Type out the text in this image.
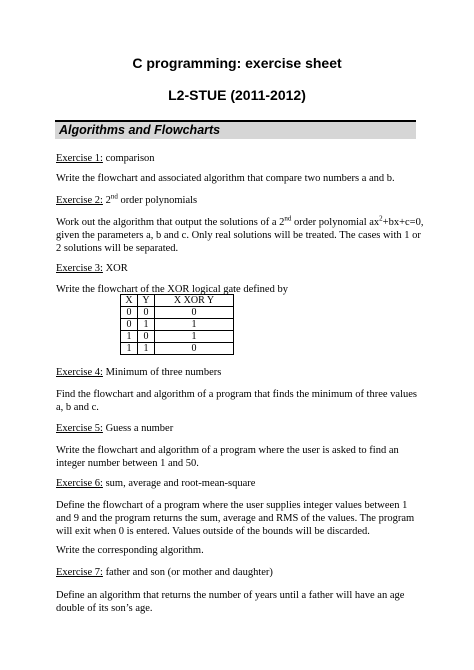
C programming: exercise sheet
L2-STUE (2011-2012)
Algorithms and Flowcharts
Exercise 1: comparison
Write the flowchart and associated algorithm that compare two numbers a and b.
Exercise 2: 2nd order polynomials
Work out the algorithm that output the solutions of a 2nd order polynomial $ax^2+bx+c=0$, given the parameters a, b and c. Only real solutions will be treated. The cases with 1 or 2 solutions will be separated.
Exercise 3: XOR
Write the flowchart of the XOR logical gate defined by
X	Y	X XOR Y
0	0	0
0	1	1
1	0	1
1	1	0
Exercise 4: Minimum of three numbers
Find the flowchart and algorithm of a program that finds the minimum of three values a, b and c.
Exercise 5: Guess a number
Write the flowchart and algorithm of a program where the user is asked to find an integer number between 1 and 50.
Exercise 6: sum, average and root-mean-square
Define the flowchart of a program where the user supplies integer values between 1 and 9 and the program returns the sum, average and RMS of the values. The program will exit when 0 is entered. Values outside of the bounds will be discarded.
Write the corresponding algorithm.
Exercise 7: father and son (or mother and daughter)
Define an algorithm that returns the number of years until a father will have an age double of its son’s age.
